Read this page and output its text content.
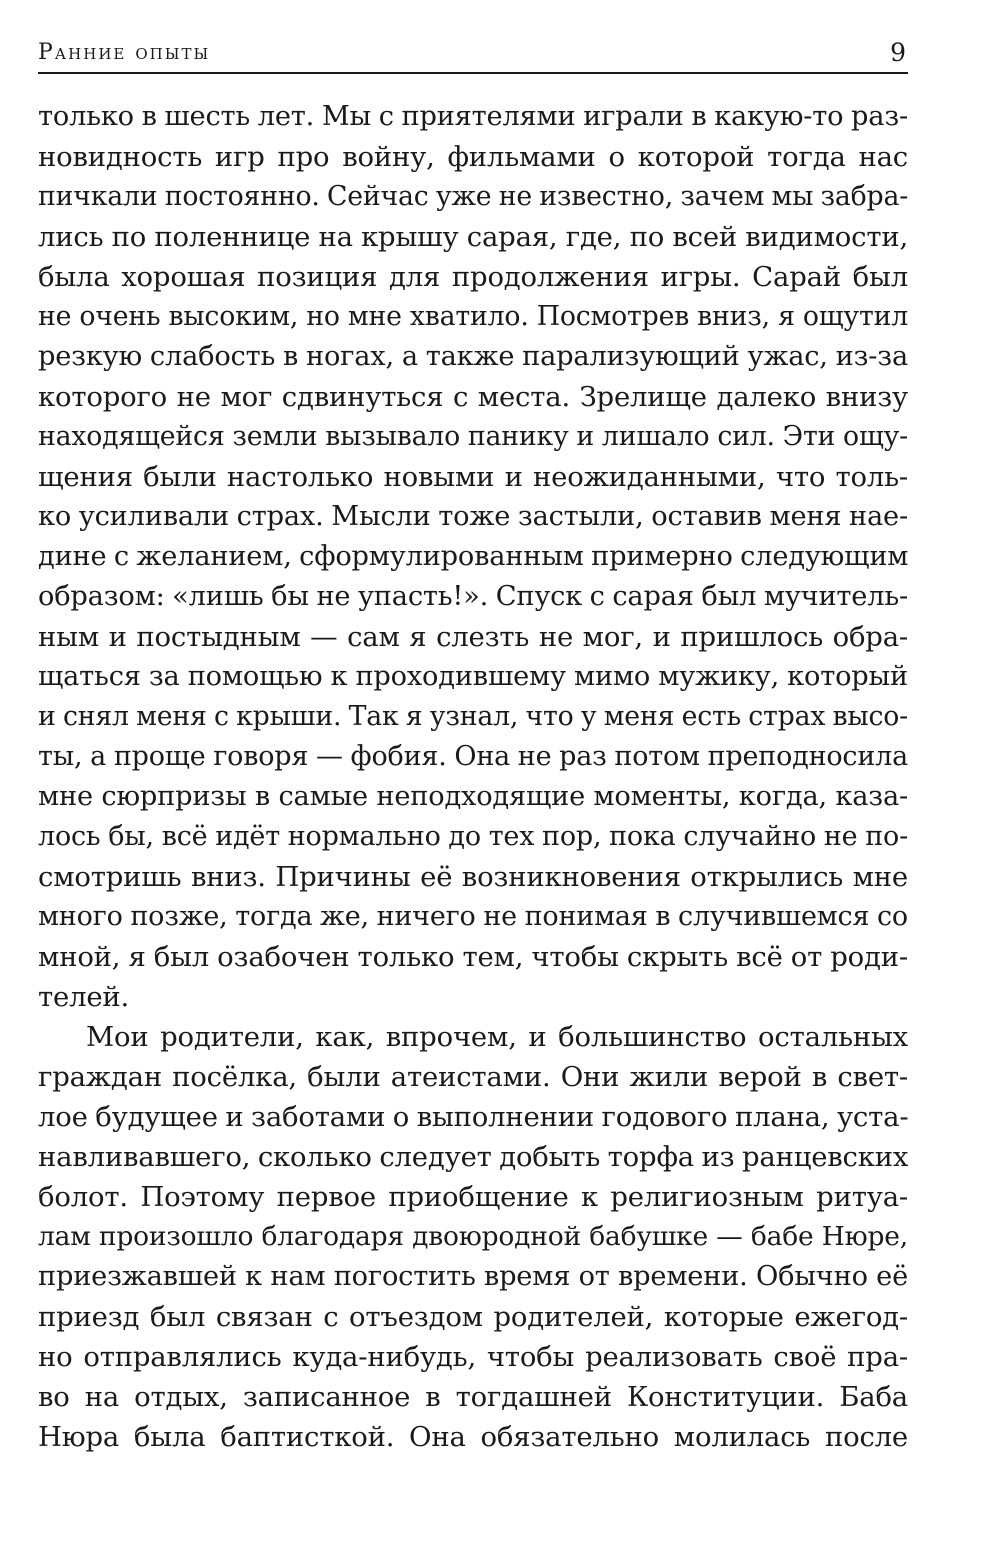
Ранние опыты	9
только в шесть лет. Мы с приятелями играли в какую-то раз-
новидность игр про войну, фильмами о которой тогда нас
пичкали постоянно. Сейчас уже не известно, зачем мы забра-
лись по поленнице на крышу сарая, где, по всей видимости,
была хорошая позиция для продолжения игры. Сарай был
не очень высоким, но мне хватило. Посмотрев вниз, я ощутил
резкую слабость в ногах, а также парализующий ужас, из-за
которого не мог сдвинуться с места. Зрелище далеко внизу
находящейся земли вызывало панику и лишало сил. Эти ощу-
щения были настолько новыми и неожиданными, что толь-
ко усиливали страх. Мысли тоже застыли, оставив меня нае-
дине с желанием, сформулированным примерно следующим
образом: «лишь бы не упасть!». Спуск с сарая был мучитель-
ным и постыдным — сам я слезть не мог, и пришлось обра-
щаться за помощью к проходившему мимо мужику, который
и снял меня с крыши. Так я узнал, что у меня есть страх высо-
ты, а проще говоря — фобия. Она не раз потом преподносила
мне сюрпризы в самые неподходящие моменты, когда, каза-
лось бы, всё идёт нормально до тех пор, пока случайно не по-
смотришь вниз. Причины её возникновения открылись мне
много позже, тогда же, ничего не понимая в случившемся со
мной, я был озабочен только тем, чтобы скрыть всё от роди-
телей.
Мои родители, как, впрочем, и большинство остальных
граждан посёлка, были атеистами. Они жили верой в свет-
лое будущее и заботами о выполнении годового плана, уста-
навливавшего, сколько следует добыть торфа из ранцевских
болот. Поэтому первое приобщение к религиозным ритуа-
лам произошло благодаря двоюродной бабушке — бабе Нюре,
приезжавшей к нам погостить время от времени. Обычно её
приезд был связан с отъездом родителей, которые ежегод-
но отправлялись куда-нибудь, чтобы реализовать своё пра-
во на отдых, записанное в тогдашней Конституции. Баба
Нюра была баптисткой. Она обязательно молилась после
